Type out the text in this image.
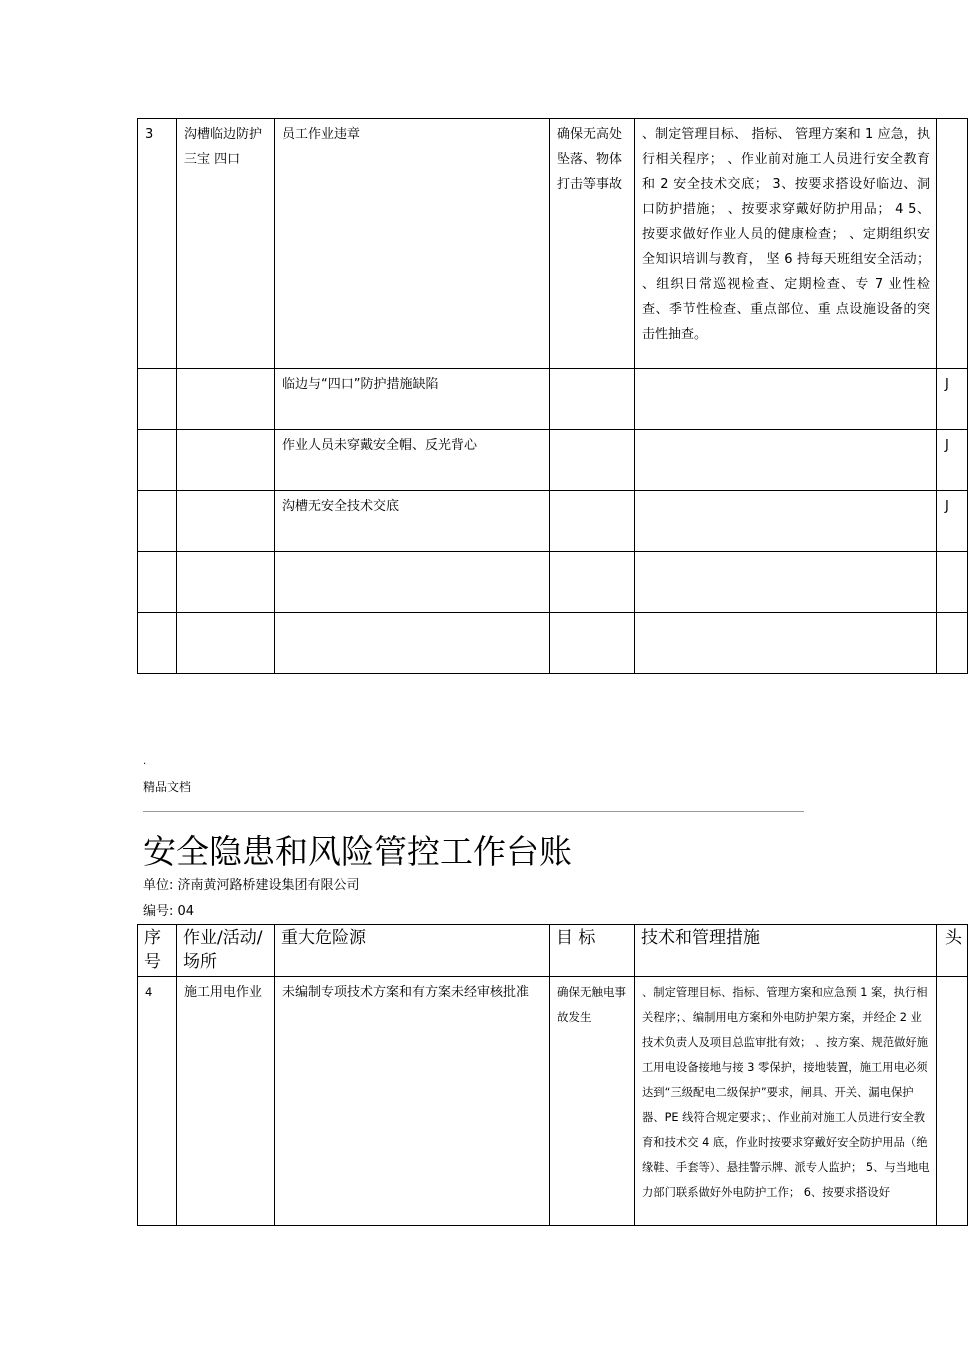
3	沟槽临边防护三宝 四口	员工作业违章	确保无高处坠落、物体打击等事故	、制定管理目标、 指标、 管理方案和 1 应急，执行相关程序； 、作业前对施工人员进行安全教育和 2 安全技术交底； 3、按要求搭设好临边、洞口防护措施； 、按要求穿戴好防护用品； 4 5、按要求做好作业人员的健康检查； 、定期组织安全知识培训与教育， 坚 6 持每天班组安全活动； 、组织日常巡视检查、定期检查、专 7 业性检查、季节性检查、重点部位、重 点设施设备的突击性抽查。	

		临边与“四口”防护措施缺陷			J

		作业人员未穿戴安全帽、反光背心			J

		沟槽无安全技术交底			J

.
精品文档
安全隐患和风险管控工作台账
单位: 济南黄河路桥建设集团有限公司
编号: 04
序号	作业/活动/场所	重大危险源	目 标	技术和管理措施	头

4	施工用电作业	未编制专项技术方案和有方案未经审核批准	确保无触电事故发生	、制定管理目标、指标、管理方案和应急预 1 案，执行相关程序；、编制用电方案和外电防护架方案，并经企 2 业技术负责人及项目总监审批有效； 、按方案、规范做好施工用电设备接地与接 3 零保护，接地装置，施工用电必须达到“三级配电二级保护”要求，闸具、开关、漏电保护 器、PE 线符合规定要求；、作业前对施工人员进行安全教育和技术交 4 底，作业时按要求穿戴好安全防护用品（绝缘鞋、手套等）、悬挂警示牌、派专人监护； 5、与当地电力部门联系做好外电防护工作； 6、按要求搭设好	
